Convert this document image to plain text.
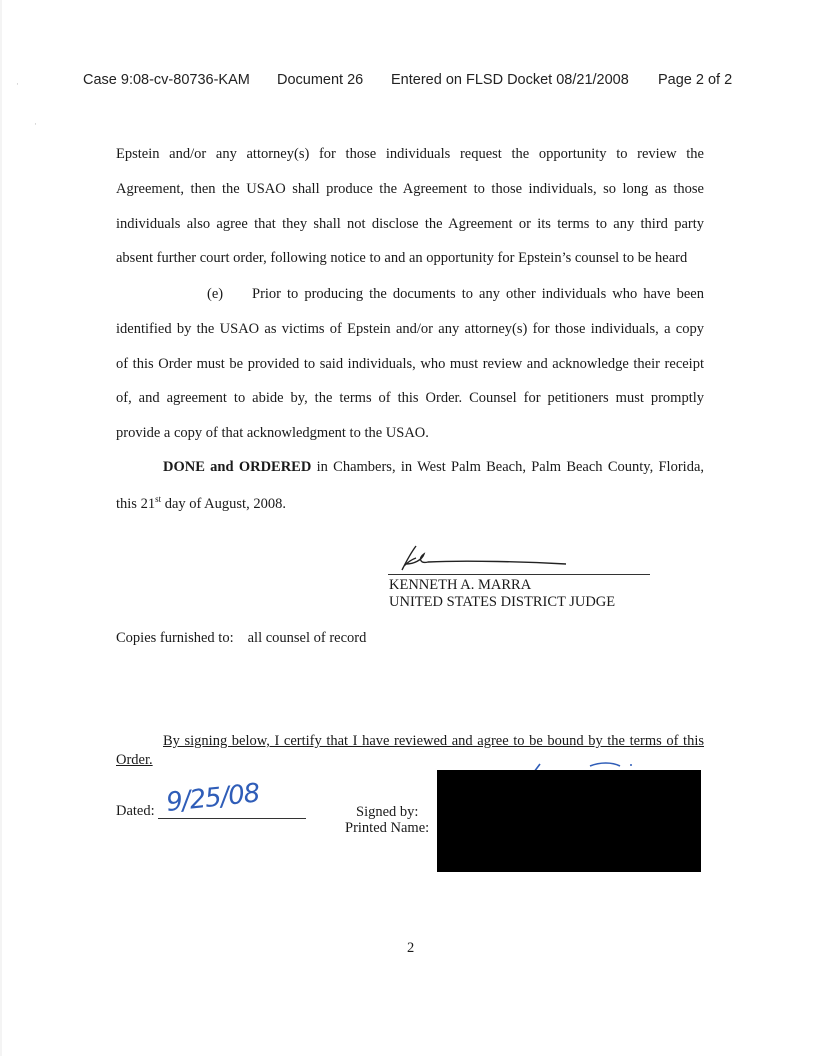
·
·
Case 9:08-cv-80736-KAM Document 26 Entered on FLSD Docket 08/21/2008 Page 2 of 2
Epstein and/or any attorney(s) for those individuals request the opportunity to review the
Agreement, then the USAO shall produce the Agreement to those individuals, so long as those
individuals also agree that they shall not disclose the Agreement or its terms to any third party
absent further court order, following notice to and an opportunity for Epstein’s counsel to be heard
(e) Prior to producing the documents to any other individuals who have been
identified by the USAO as victims of Epstein and/or any attorney(s) for those individuals, a copy
of this Order must be provided to said individuals, who must review and acknowledge their receipt
of, and agreement to abide by, the terms of this Order. Counsel for petitioners must promptly
provide a copy of that acknowledgment to the USAO.
DONE and ORDERED in Chambers, in West Palm Beach, Palm Beach County, Florida,
this 21st day of August, 2008.
KENNETH A. MARRA
UNITED STATES DISTRICT JUDGE
Copies furnished to: all counsel of record
By signing below, I certify that I have reviewed and agree to be bound by the terms of this
Order.
Dated: 9/25/08	Signed by:
Printed Name:
2
